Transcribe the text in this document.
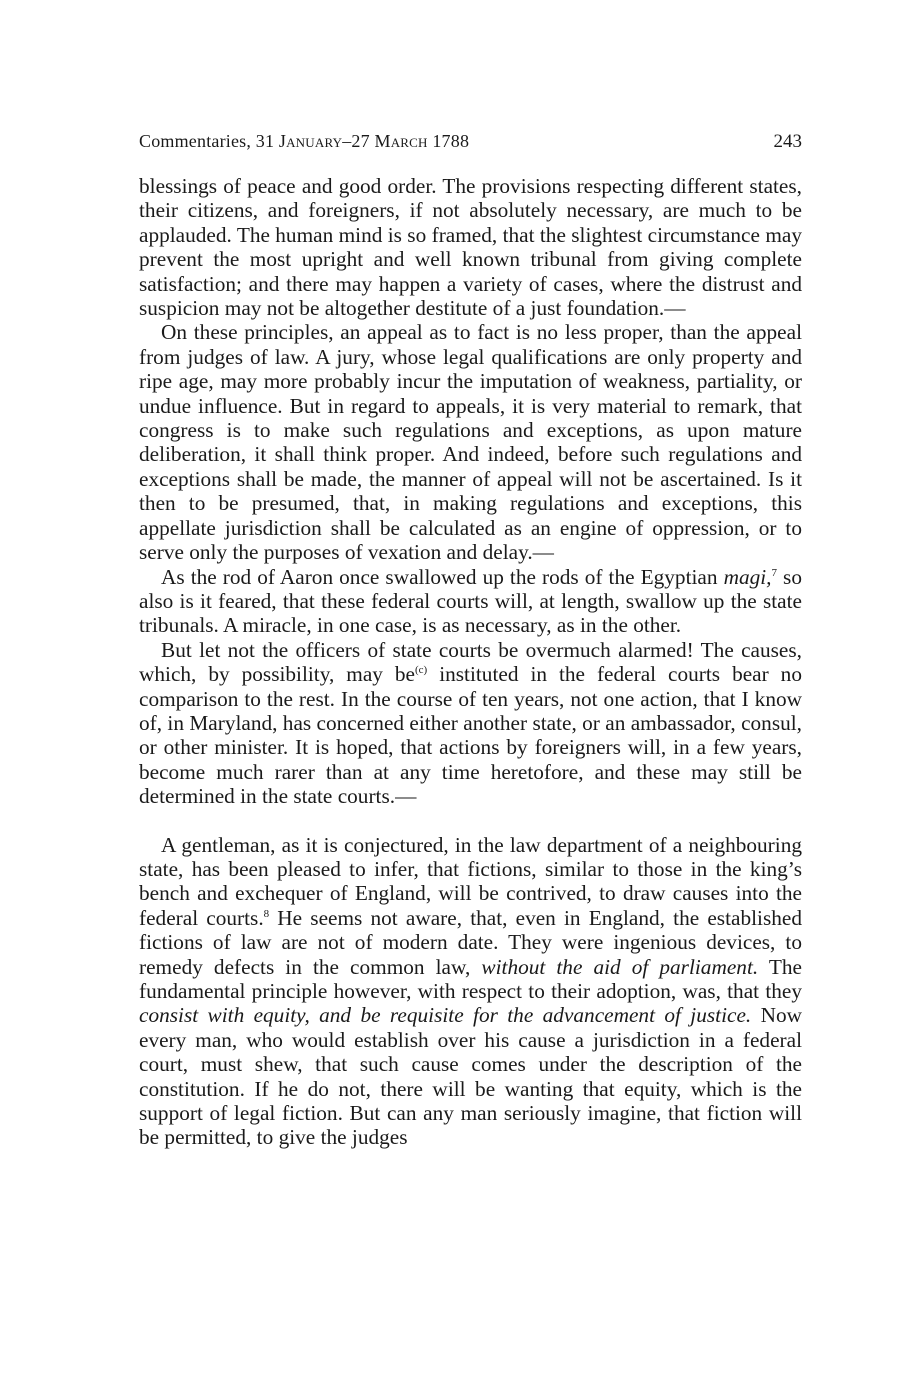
Commentaries, 31 January–27 March 1788	243

blessings of peace and good order. The provisions respecting different states, their citizens, and foreigners, if not absolutely necessary, are much to be applauded. The human mind is so framed, that the slightest circumstance may prevent the most upright and well known tribunal from giving complete satisfaction; and there may happen a variety of cases, where the distrust and suspicion may not be altogether destitute of a just foundation.—

On these principles, an appeal as to fact is no less proper, than the appeal from judges of law. A jury, whose legal qualifications are only property and ripe age, may more probably incur the imputation of weakness, partiality, or undue influence. But in regard to appeals, it is very material to remark, that congress is to make such regulations and exceptions, as upon mature deliberation, it shall think proper. And indeed, before such regulations and exceptions shall be made, the manner of appeal will not be ascertained. Is it then to be presumed, that, in making regulations and exceptions, this appellate jurisdiction shall be calculated as an engine of oppression, or to serve only the purposes of vexation and delay.—

As the rod of Aaron once swallowed up the rods of the Egyptian magi,$^7$ so also is it feared, that these federal courts will, at length, swallow up the state tribunals. A miracle, in one case, is as necessary, as in the other.

But let not the officers of state courts be overmuch alarmed! The causes, which, by possibility, may $be^{(c)}$ instituted in the federal courts bear no comparison to the rest. In the course of ten years, not one action, that I know of, in Maryland, has concerned either another state, or an ambassador, consul, or other minister. It is hoped, that actions by foreigners will, in a few years, become much rarer than at any time heretofore, and these may still be determined in the state courts.—

A gentleman, as it is conjectured, in the law department of a neighbouring state, has been pleased to infer, that fictions, similar to those in the king’s bench and exchequer of England, will be contrived, to draw causes into the federal courts.$^8$ He seems not aware, that, even in England, the established fictions of law are not of modern date. They were ingenious devices, to remedy defects in the common law, without the aid of parliament. The fundamental principle however, with respect to their adoption, was, that they consist with equity, and be requisite for the advancement of justice. Now every man, who would establish over his cause a jurisdiction in a federal court, must shew, that such cause comes under the description of the constitution. If he do not, there will be wanting that equity, which is the support of legal fiction. But can any man seriously imagine, that fiction will be permitted, to give the judges
